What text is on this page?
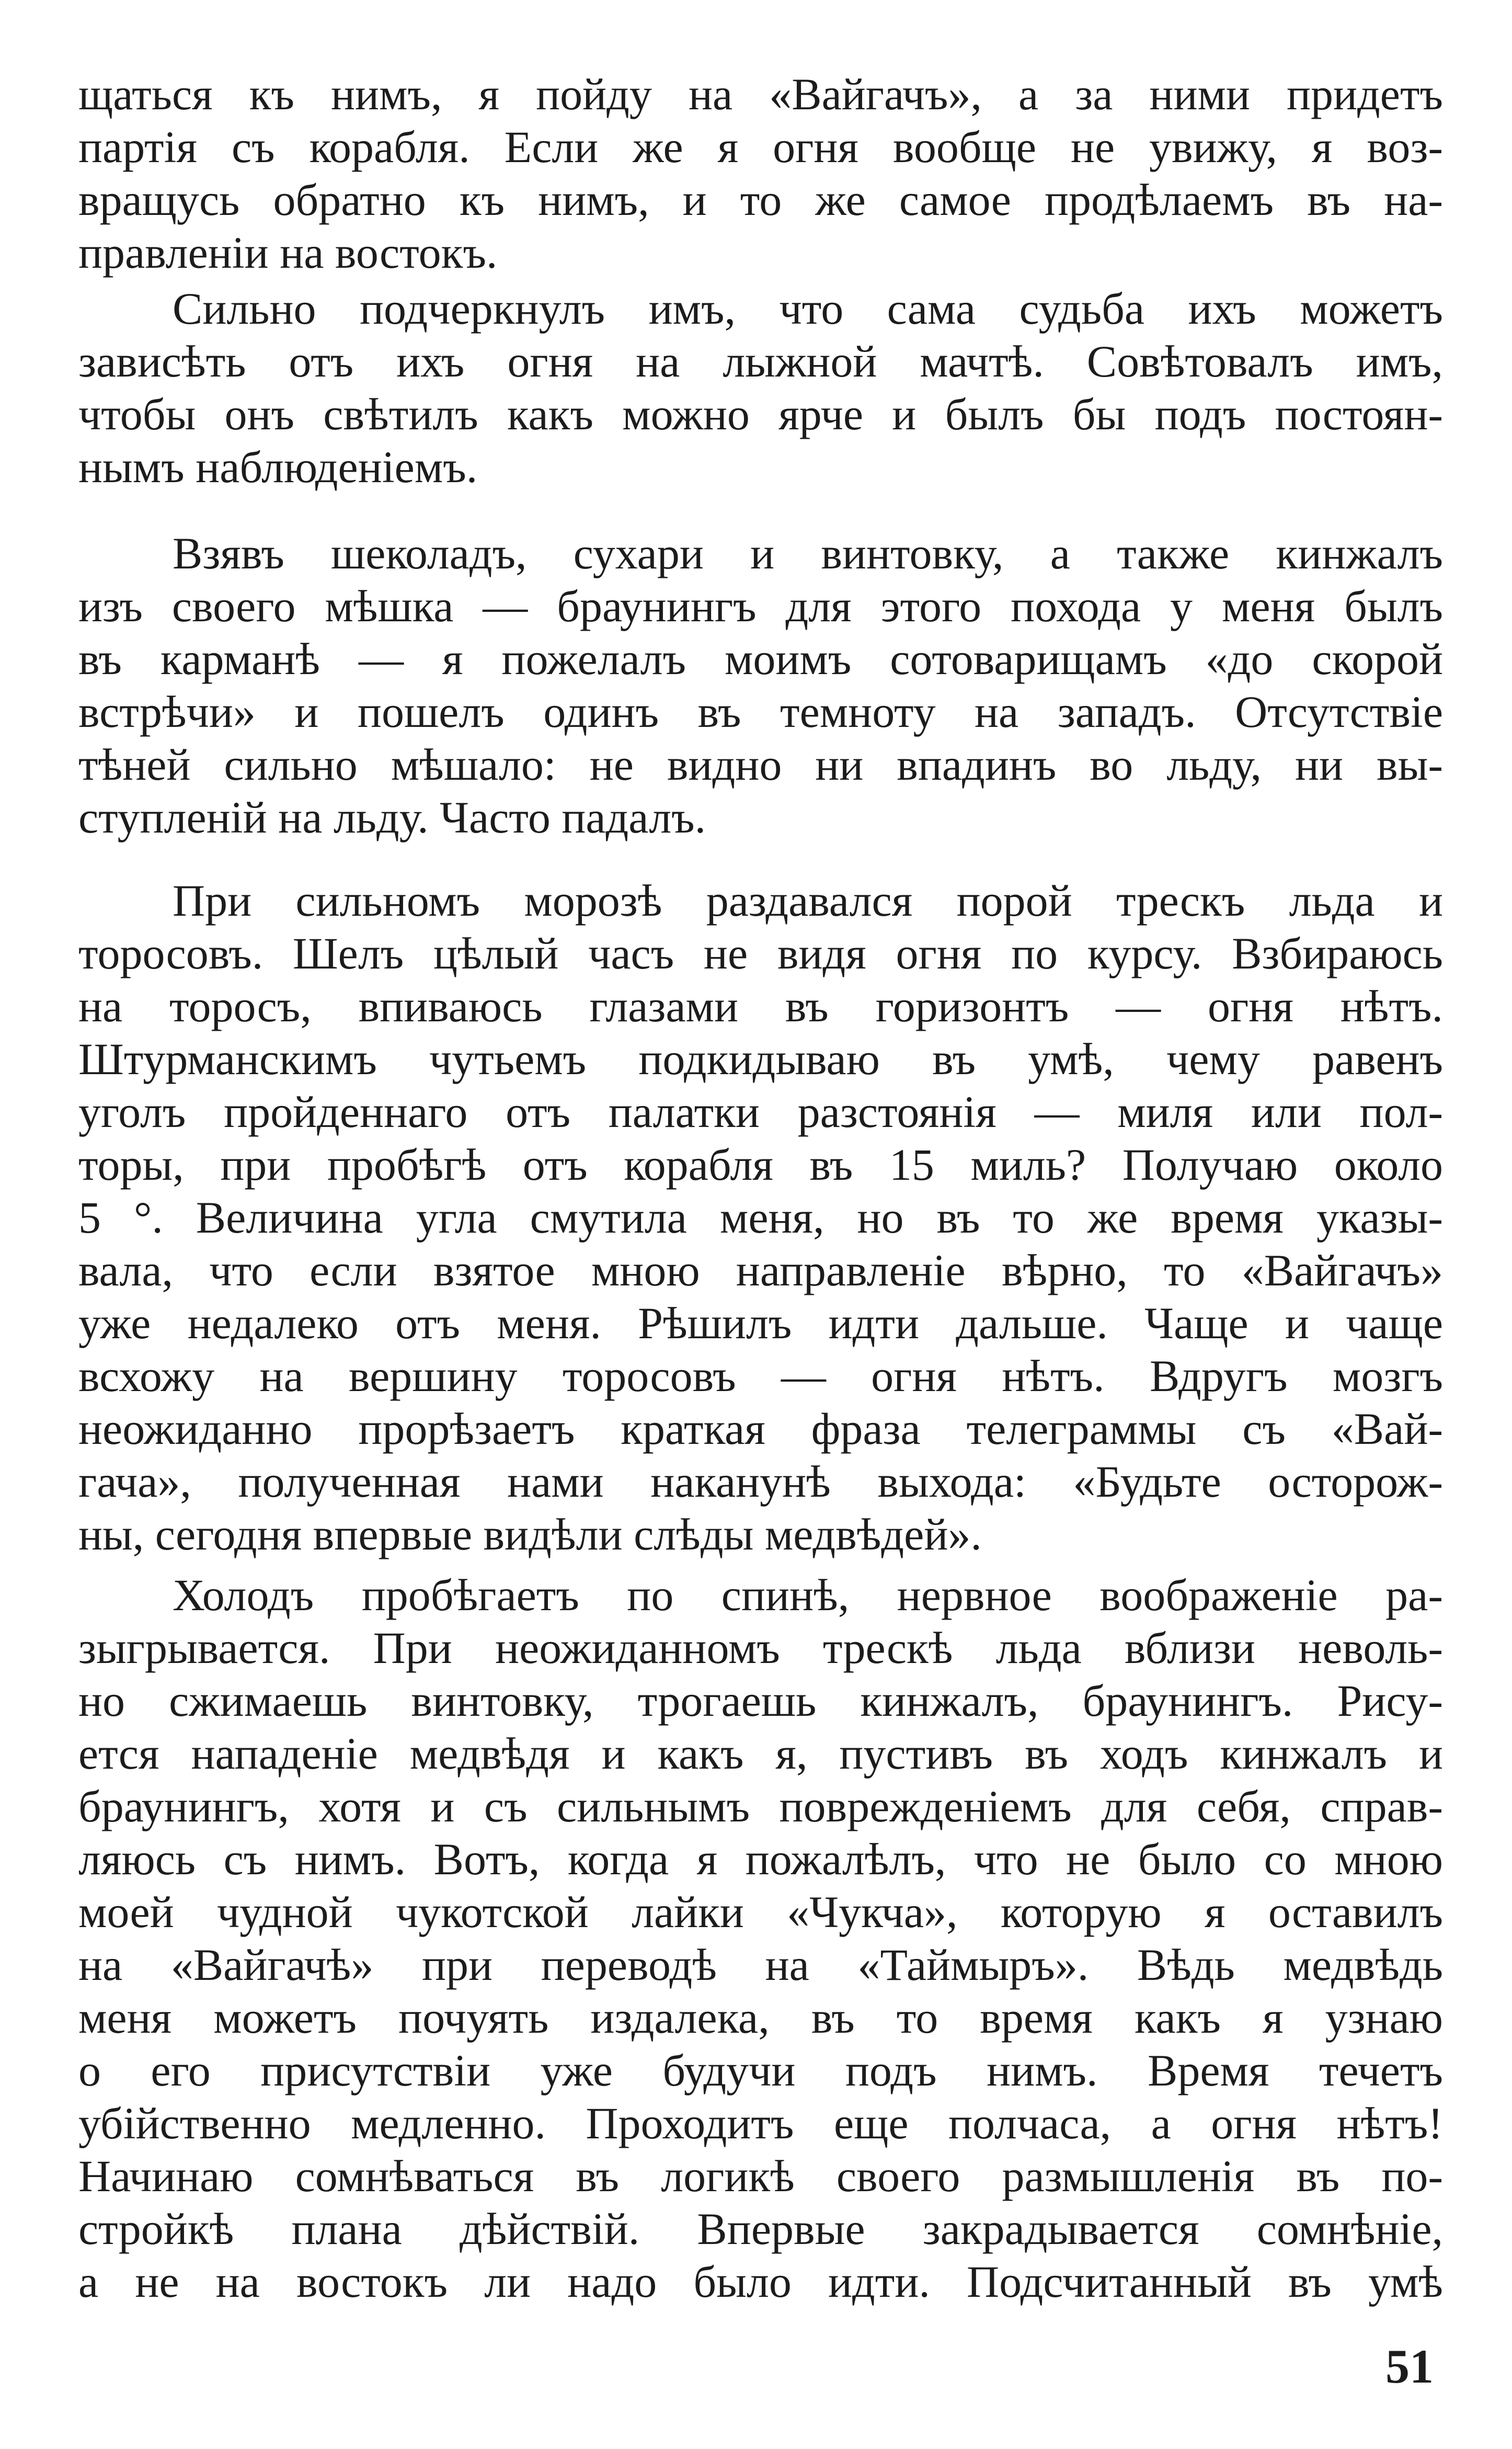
щаться къ нимъ, я пойду на «Вайгачъ», а за ними придетъ
партія съ корабля. Если же я огня вообще не увижу, я воз-
вращусь обратно къ нимъ, и то же самое продѣлаемъ въ на-
правленіи на востокъ.
Сильно подчеркнулъ имъ, что сама судьба ихъ можетъ
зависѣть отъ ихъ огня на лыжной мачтѣ. Совѣтовалъ имъ,
чтобы онъ свѣтилъ какъ можно ярче и былъ бы подъ постоян-
нымъ наблюденіемъ.
Взявъ шеколадъ, сухари и винтовку, а также кинжалъ
изъ своего мѣшка — браунингъ для этого похода у меня былъ
въ карманѣ — я пожелалъ моимъ сотоварищамъ «до скорой
встрѣчи» и пошелъ одинъ въ темноту на западъ. Отсутствіе
тѣней сильно мѣшало: не видно ни впадинъ во льду, ни вы-
ступленій на льду. Часто падалъ.
При сильномъ морозѣ раздавался порой трескъ льда и
торосовъ. Шелъ цѣлый часъ не видя огня по курсу. Взбираюсь
на торосъ, впиваюсь глазами въ горизонтъ — огня нѣтъ.
Штурманскимъ чутьемъ подкидываю въ умѣ, чему равенъ
уголъ пройденнаго отъ палатки разстоянія — миля или пол-
торы, при пробѣгѣ отъ корабля въ 15 миль? Получаю около
5 °. Величина угла смутила меня, но въ то же время указы-
вала, что если взятое мною направленіе вѣрно, то «Вайгачъ»
уже недалеко отъ меня. Рѣшилъ идти дальше. Чаще и чаще
всхожу на вершину торосовъ — огня нѣтъ. Вдругъ мозгъ
неожиданно прорѣзаетъ краткая фраза телеграммы съ «Вай-
гача», полученная нами наканунѣ выхода: «Будьте осторож-
ны, сегодня впервые видѣли слѣды медвѣдей».
Холодъ пробѣгаетъ по спинѣ, нервное воображеніе ра-
зыгрывается. При неожиданномъ трескѣ льда вблизи неволь-
но сжимаешь винтовку, трогаешь кинжалъ, браунингъ. Рису-
ется нападеніе медвѣдя и какъ я, пустивъ въ ходъ кинжалъ и
браунингъ, хотя и съ сильнымъ поврежденіемъ для себя, справ-
ляюсь съ нимъ. Вотъ, когда я пожалѣлъ, что не было со мною
моей чудной чукотской лайки «Чукча», которую я оставилъ
на «Вайгачѣ» при переводѣ на «Таймыръ». Вѣдь медвѣдь
меня можетъ почуять издалека, въ то время какъ я узнаю
о его присутствіи уже будучи подъ нимъ. Время течетъ
убійственно медленно. Проходитъ еще полчаса, а огня нѣтъ!
Начинаю сомнѣваться въ логикѣ своего размышленія въ по-
стройкѣ плана дѣйствій. Впервые закрадывается сомнѣніе,
а не на востокъ ли надо было идти. Подсчитанный въ умѣ
51
